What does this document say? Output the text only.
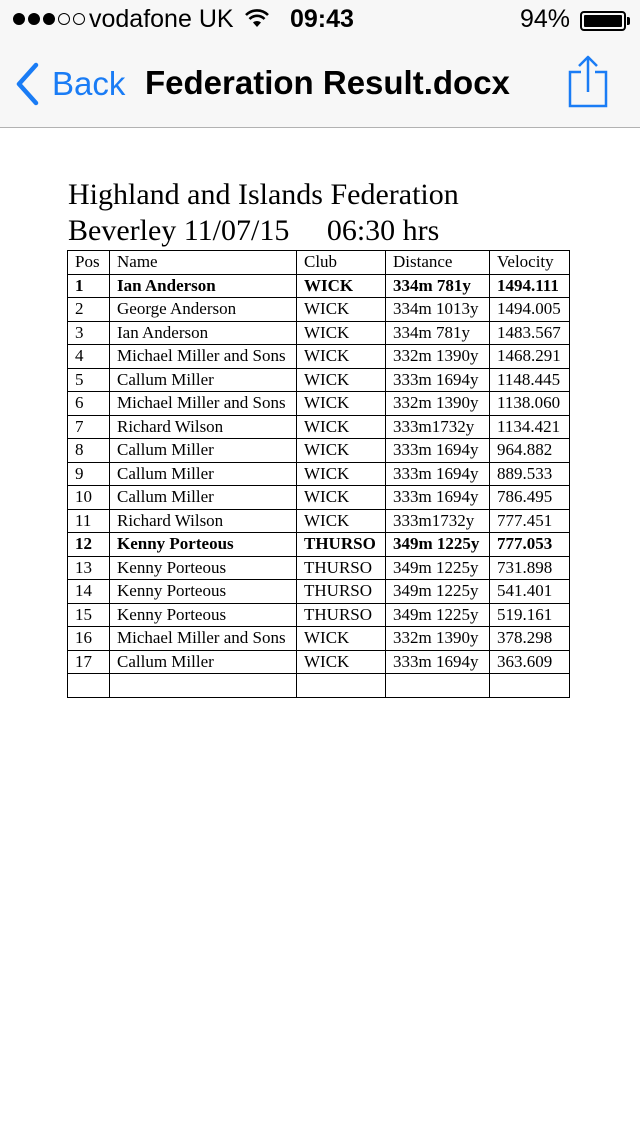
vodafone UK 09:43	94%
Back Federation Result.docx
Highland and Islands Federation
Beverley 11/07/15     06:30 hrs
Pos	Name	Club	Distance	Velocity
1	Ian Anderson	WICK	334m 781y	1494.111
2	George Anderson	WICK	334m 1013y	1494.005
3	Ian Anderson	WICK	334m 781y	1483.567
4	Michael Miller and Sons	WICK	332m 1390y	1468.291
5	Callum Miller	WICK	333m 1694y	1148.445
6	Michael Miller and Sons	WICK	332m 1390y	1138.060
7	Richard Wilson	WICK	333m1732y	1134.421
8	Callum Miller	WICK	333m 1694y	964.882
9	Callum Miller	WICK	333m 1694y	889.533
10	Callum Miller	WICK	333m 1694y	786.495
11	Richard Wilson	WICK	333m1732y	777.451
12	Kenny Porteous	THURSO	349m 1225y	777.053
13	Kenny Porteous	THURSO	349m 1225y	731.898
14	Kenny Porteous	THURSO	349m 1225y	541.401
15	Kenny Porteous	THURSO	349m 1225y	519.161
16	Michael Miller and Sons	WICK	332m 1390y	378.298
17	Callum Miller	WICK	333m 1694y	363.609
